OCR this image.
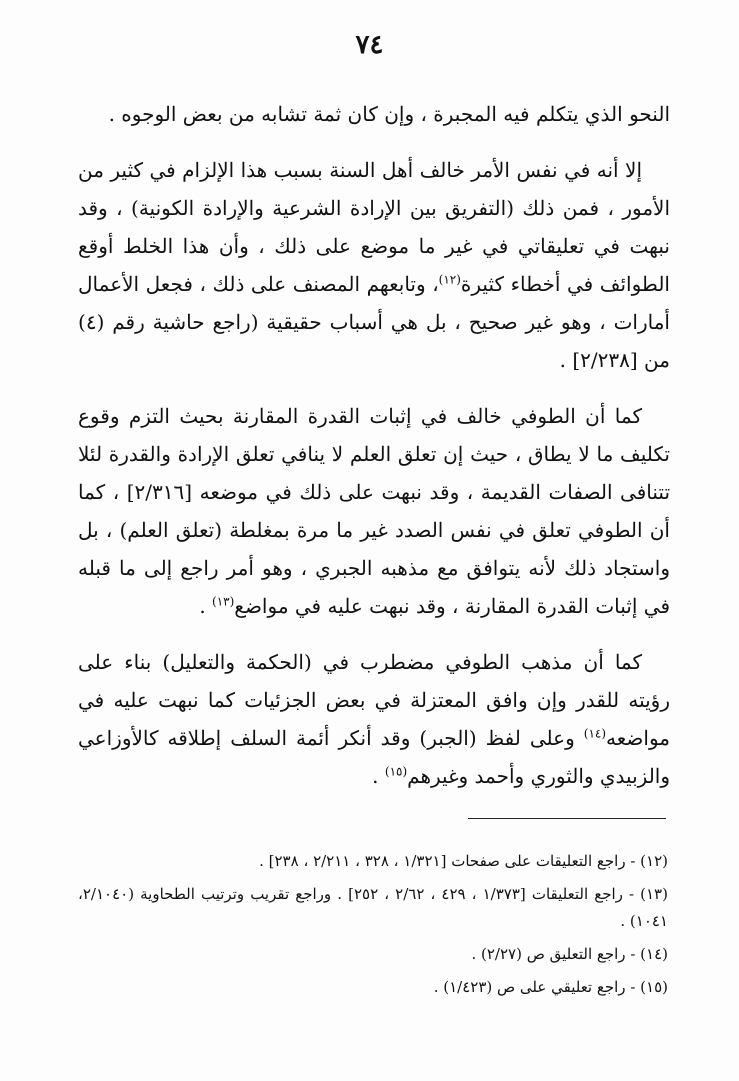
٧٤

النحو الذي يتكلم فيه المجبرة ، وإن كان ثمة تشابه من بعض الوجوه .

إلا أنه في نفس الأمر خالف أهل السنة بسبب هذا الإلزام في كثير من الأمور ، فمن ذلك (التفريق بين الإرادة الشرعية والإرادة الكونية) ، وقد نبهت في تعليقاتي في غير ما موضع على ذلك ، وأن هذا الخلط أوقع الطوائف في أخطاء كثيرة$^{(١٢)}$، وتابعهم المصنف على ذلك ، فجعل الأعمال أمارات ، وهو غير صحيح ، بل هي أسباب حقيقية (راجع حاشية رقم (٤) من [٢/٢٣٨] .

كما أن الطوفي خالف في إثبات القدرة المقارنة بحيث التزم وقوع تكليف ما لا يطاق ، حيث إن تعلق العلم لا ينافي تعلق الإرادة والقدرة لئلا تتنافى الصفات القديمة ، وقد نبهت على ذلك في موضعه [٢/٣١٦] ، كما أن الطوفي تعلق في نفس الصدد غير ما مرة بمغلطة (تعلق العلم) ، بل واستجاد ذلك لأنه يتوافق مع مذهبه الجبري ، وهو أمر راجع إلى ما قبله في إثبات القدرة المقارنة ، وقد نبهت عليه في مواضع$^{(١٣)}$ .

كما أن مذهب الطوفي مضطرب في (الحكمة والتعليل) بناء على رؤيته للقدر وإن وافق المعتزلة في بعض الجزئيات كما نبهت عليه في مواضعه$^{(١٤)}$ وعلى لفظ (الجبر) وقد أنكر أئمة السلف إطلاقه كالأوزاعي والزبيدي والثوري وأحمد وغيرهم$^{(١٥)}$ .

(١٢) - راجع التعليقات على صفحات [١/٣٢١ ، ٣٢٨ ، ٢/٢١١ ، ٢٣٨] .
(١٣) - راجع التعليقات [١/٣٧٣ ، ٤٢٩ ، ٢/٦٢ ، ٢٥٢] . وراجع تقريب وترتيب الطحاوية (٢/١٠٤٠، ١٠٤١) .
(١٤) - راجع التعليق ص (٢/٢٧) .
(١٥) - راجع تعليقي على ص (١/٤٢٣) .
